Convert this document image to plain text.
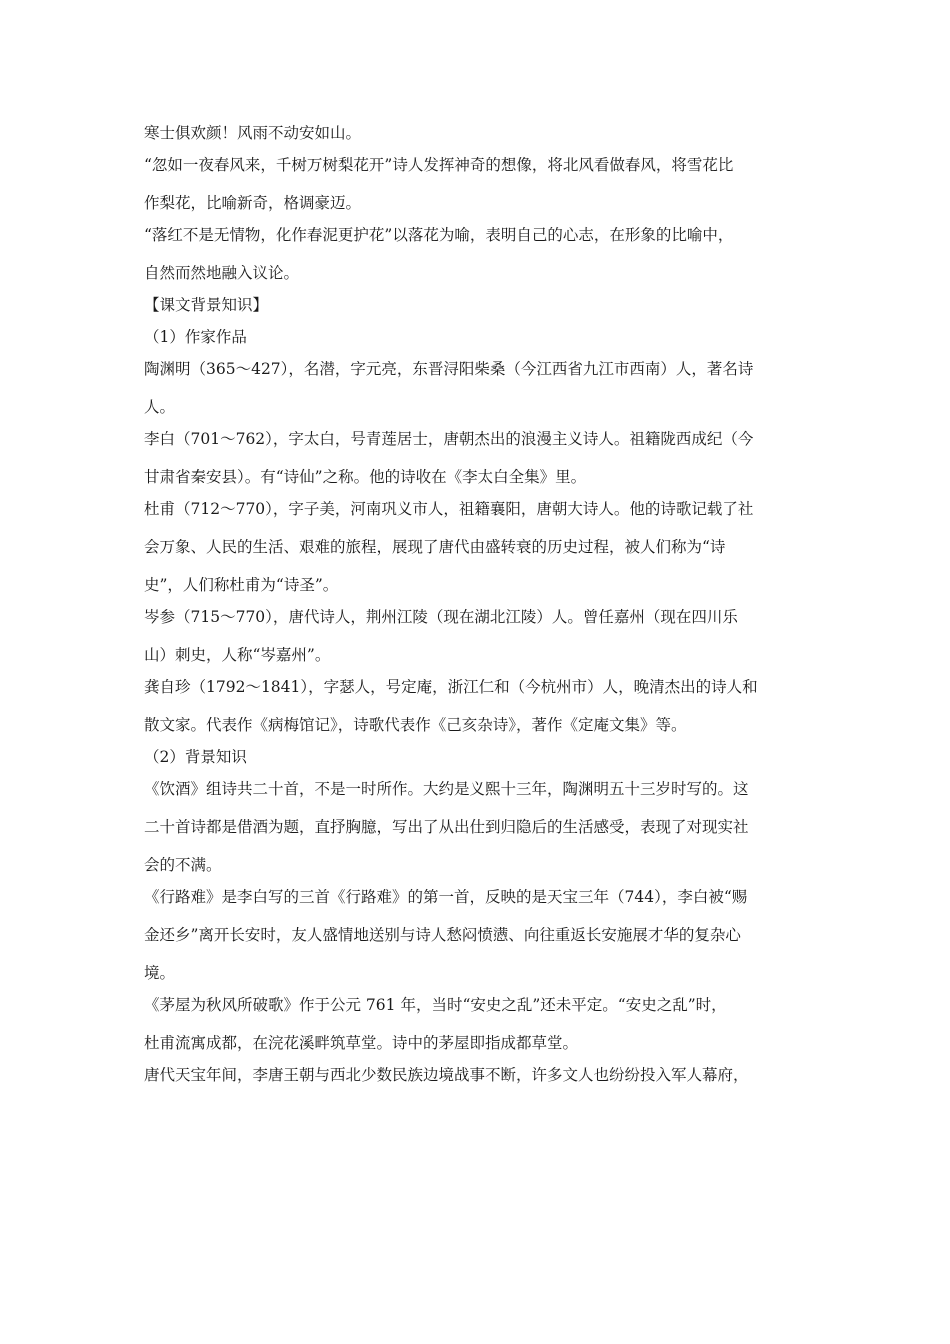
寒士俱欢颜！风雨不动安如山。
“忽如一夜春风来，千树万树梨花开”诗人发挥神奇的想像，将北风看做春风，将雪花比
作梨花，比喻新奇，格调豪迈。
“落红不是无情物，化作春泥更护花”以落花为喻，表明自己的心志，在形象的比喻中，
自然而然地融入议论。
【课文背景知识】
（1）作家作品
陶渊明（365～427），名潜，字元亮，东晋浔阳柴桑（今江西省九江市西南）人，著名诗
人。
李白（701～762），字太白，号青莲居士，唐朝杰出的浪漫主义诗人。祖籍陇西成纪（今
甘肃省秦安县）。有“诗仙”之称。他的诗收在《李太白全集》里。
杜甫（712～770），字子美，河南巩义市人，祖籍襄阳，唐朝大诗人。他的诗歌记载了社
会万象、人民的生活、艰难的旅程，展现了唐代由盛转衰的历史过程，被人们称为“诗
史”，人们称杜甫为“诗圣”。
岑参（715～770），唐代诗人，荆州江陵（现在湖北江陵）人。曾任嘉州（现在四川乐
山）刺史，人称“岑嘉州”。
龚自珍（1792～1841），字瑟人，号定庵，浙江仁和（今杭州市）人，晚清杰出的诗人和
散文家。代表作《病梅馆记》，诗歌代表作《己亥杂诗》，著作《定庵文集》等。
（2）背景知识
《饮酒》组诗共二十首，不是一时所作。大约是义熙十三年，陶渊明五十三岁时写的。这
二十首诗都是借酒为题，直抒胸臆，写出了从出仕到归隐后的生活感受，表现了对现实社
会的不满。
《行路难》是李白写的三首《行路难》的第一首，反映的是天宝三年（744），李白被“赐
金还乡”离开长安时，友人盛情地送别与诗人愁闷愤懑、向往重返长安施展才华的复杂心
境。
《茅屋为秋风所破歌》作于公元 761 年，当时“安史之乱”还未平定。“安史之乱”时，
杜甫流寓成都，在浣花溪畔筑草堂。诗中的茅屋即指成都草堂。
唐代天宝年间，李唐王朝与西北少数民族边境战事不断，许多文人也纷纷投入军人幕府，
